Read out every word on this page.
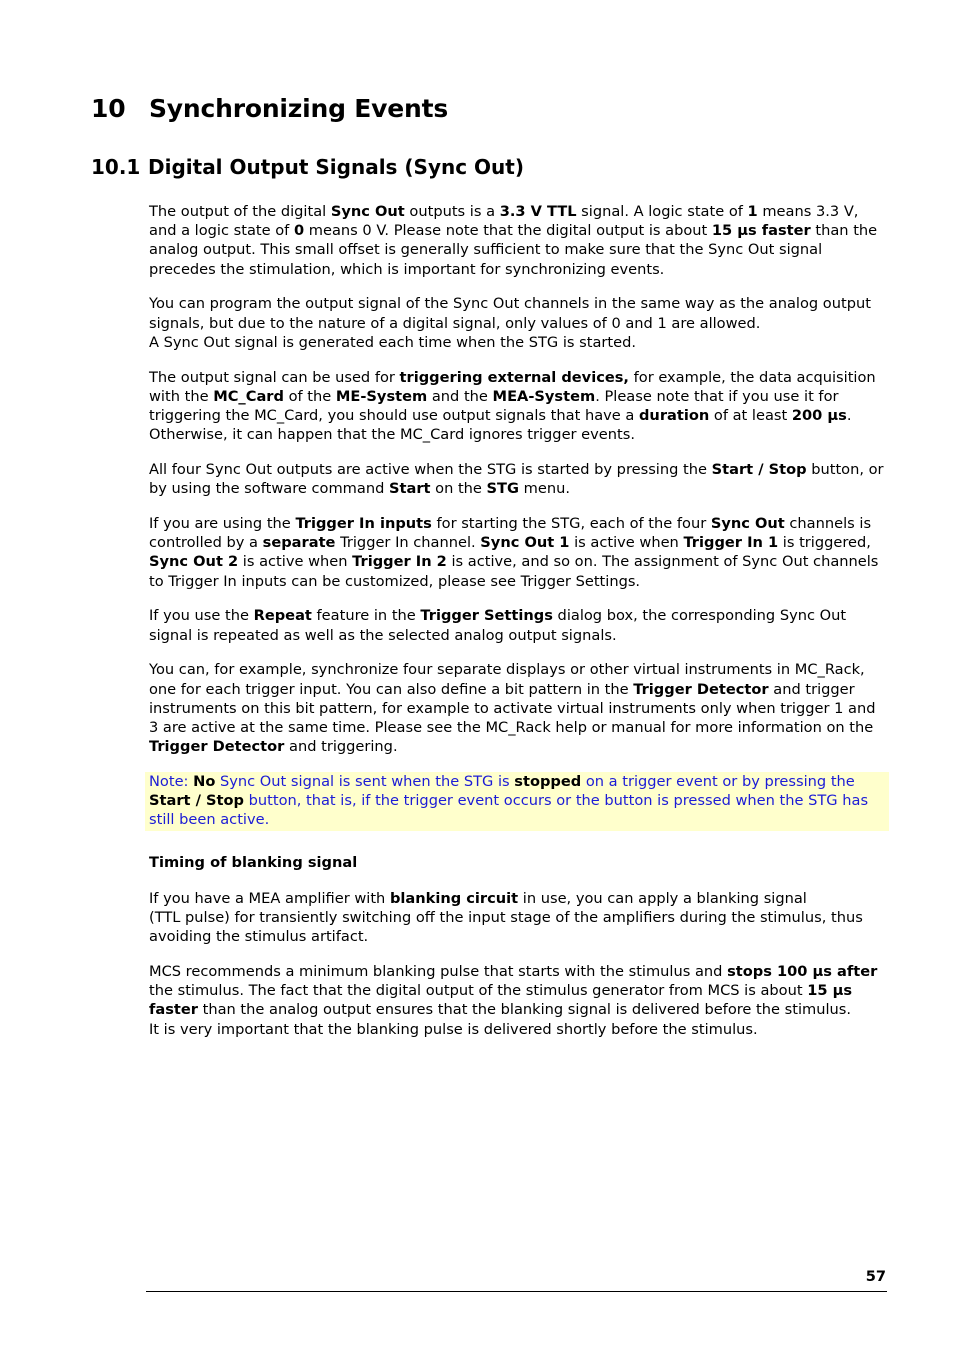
10 Synchronizing Events
10.1 Digital Output Signals (Sync Out)

The output of the digital Sync Out outputs is a 3.3 V TTL signal. A logic state of 1 means 3.3 V, and a logic state of 0 means 0 V. Please note that the digital output is about 15 µs faster than the analog output. This small offset is generally sufficient to make sure that the Sync Out signal precedes the stimulation, which is important for synchronizing events.

You can program the output signal of the Sync Out channels in the same way as the analog output signals, but due to the nature of a digital signal, only values of 0 and 1 are allowed.
A Sync Out signal is generated each time when the STG is started.

The output signal can be used for triggering external devices, for example, the data acquisition with the MC_Card of the ME-System and the MEA-System. Please note that if you use it for triggering the MC_Card, you should use output signals that have a duration of at least 200 µs. Otherwise, it can happen that the MC_Card ignores trigger events.

All four Sync Out outputs are active when the STG is started by pressing the Start / Stop button, or by using the software command Start on the STG menu.

If you are using the Trigger In inputs for starting the STG, each of the four Sync Out channels is controlled by a separate Trigger In channel. Sync Out 1 is active when Trigger In 1 is triggered, Sync Out 2 is active when Trigger In 2 is active, and so on. The assignment of Sync Out channels to Trigger In inputs can be customized, please see Trigger Settings.

If you use the Repeat feature in the Trigger Settings dialog box, the corresponding Sync Out signal is repeated as well as the selected analog output signals.

You can, for example, synchronize four separate displays or other virtual instruments in MC_Rack, one for each trigger input. You can also define a bit pattern in the Trigger Detector and trigger instruments on this bit pattern, for example to activate virtual instruments only when trigger 1 and 3 are active at the same time. Please see the MC_Rack help or manual for more information on the Trigger Detector and triggering.

Note: No Sync Out signal is sent when the STG is stopped on a trigger event or by pressing the Start / Stop button, that is, if the trigger event occurs or the button is pressed when the STG has still been active.

Timing of blanking signal

If you have a MEA amplifier with blanking circuit in use, you can apply a blanking signal
(TTL pulse) for transiently switching off the input stage of the amplifiers during the stimulus, thus avoiding the stimulus artifact.

MCS recommends a minimum blanking pulse that starts with the stimulus and stops 100 µs after the stimulus. The fact that the digital output of the stimulus generator from MCS is about 15 µs faster than the analog output ensures that the blanking signal is delivered before the stimulus.
It is very important that the blanking pulse is delivered shortly before the stimulus.

57
